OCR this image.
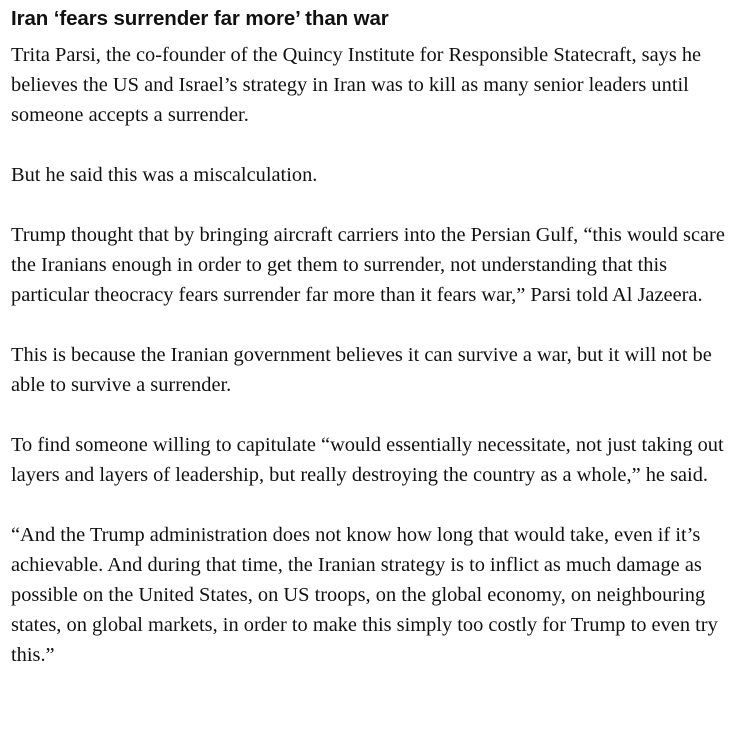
Iran ‘fears surrender far more’ than war

Trita Parsi, the co-founder of the Quincy Institute for Responsible Statecraft, says he believes the US and Israel’s strategy in Iran was to kill as many senior leaders until someone accepts a surrender.

But he said this was a miscalculation.

Trump thought that by bringing aircraft carriers into the Persian Gulf, “this would scare the Iranians enough in order to get them to surrender, not understanding that this particular theocracy fears surrender far more than it fears war,” Parsi told Al Jazeera.

This is because the Iranian government believes it can survive a war, but it will not be able to survive a surrender.

To find someone willing to capitulate “would essentially necessitate, not just taking out layers and layers of leadership, but really destroying the country as a whole,” he said.

“And the Trump administration does not know how long that would take, even if it’s achievable. And during that time, the Iranian strategy is to inflict as much damage as possible on the United States, on US troops, on the global economy, on neighbouring states, on global markets, in order to make this simply too costly for Trump to even try this.”
